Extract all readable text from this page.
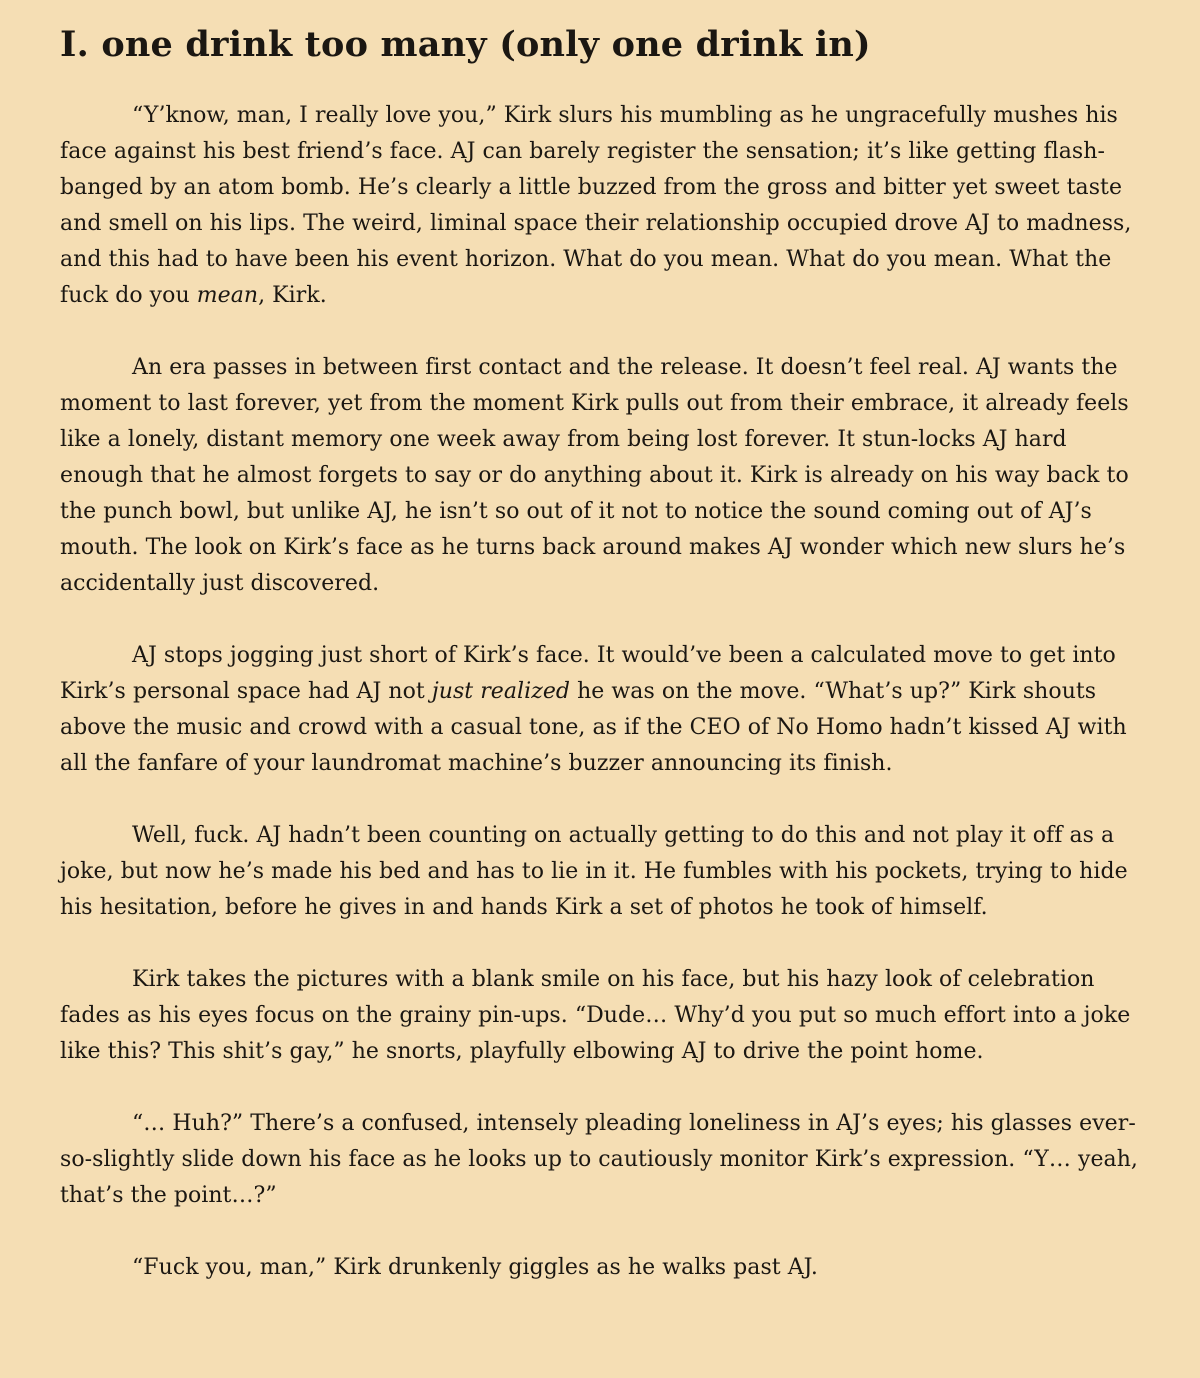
I. one drink too many (only one drink in)

“Y’know, man, I really love you,” Kirk slurs his mumbling as he ungracefully mushes his face against his best friend’s face. AJ can barely register the sensation; it’s like getting flash-banged by an atom bomb. He’s clearly a little buzzed from the gross and bitter yet sweet taste and smell on his lips. The weird, liminal space their relationship occupied drove AJ to madness, and this had to have been his event horizon. What do you mean. What do you mean. What the fuck do you mean, Kirk.

An era passes in between first contact and the release. It doesn’t feel real. AJ wants the moment to last forever, yet from the moment Kirk pulls out from their embrace, it already feels like a lonely, distant memory one week away from being lost forever. It stun-locks AJ hard enough that he almost forgets to say or do anything about it. Kirk is already on his way back to the punch bowl, but unlike AJ, he isn’t so out of it not to notice the sound coming out of AJ’s mouth. The look on Kirk’s face as he turns back around makes AJ wonder which new slurs he’s accidentally just discovered.

AJ stops jogging just short of Kirk’s face. It would’ve been a calculated move to get into Kirk’s personal space had AJ not just realized he was on the move. “What’s up?” Kirk shouts above the music and crowd with a casual tone, as if the CEO of No Homo hadn’t kissed AJ with all the fanfare of your laundromat machine’s buzzer announcing its finish.

Well, fuck. AJ hadn’t been counting on actually getting to do this and not play it off as a joke, but now he’s made his bed and has to lie in it. He fumbles with his pockets, trying to hide his hesitation, before he gives in and hands Kirk a set of photos he took of himself.

Kirk takes the pictures with a blank smile on his face, but his hazy look of celebration fades as his eyes focus on the grainy pin-ups. “Dude… Why’d you put so much effort into a joke like this? This shit’s gay,” he snorts, playfully elbowing AJ to drive the point home.

“… Huh?” There’s a confused, intensely pleading loneliness in AJ’s eyes; his glasses ever-so-slightly slide down his face as he looks up to cautiously monitor Kirk’s expression. “Y… yeah, that’s the point…?”

“Fuck you, man,” Kirk drunkenly giggles as he walks past AJ.
